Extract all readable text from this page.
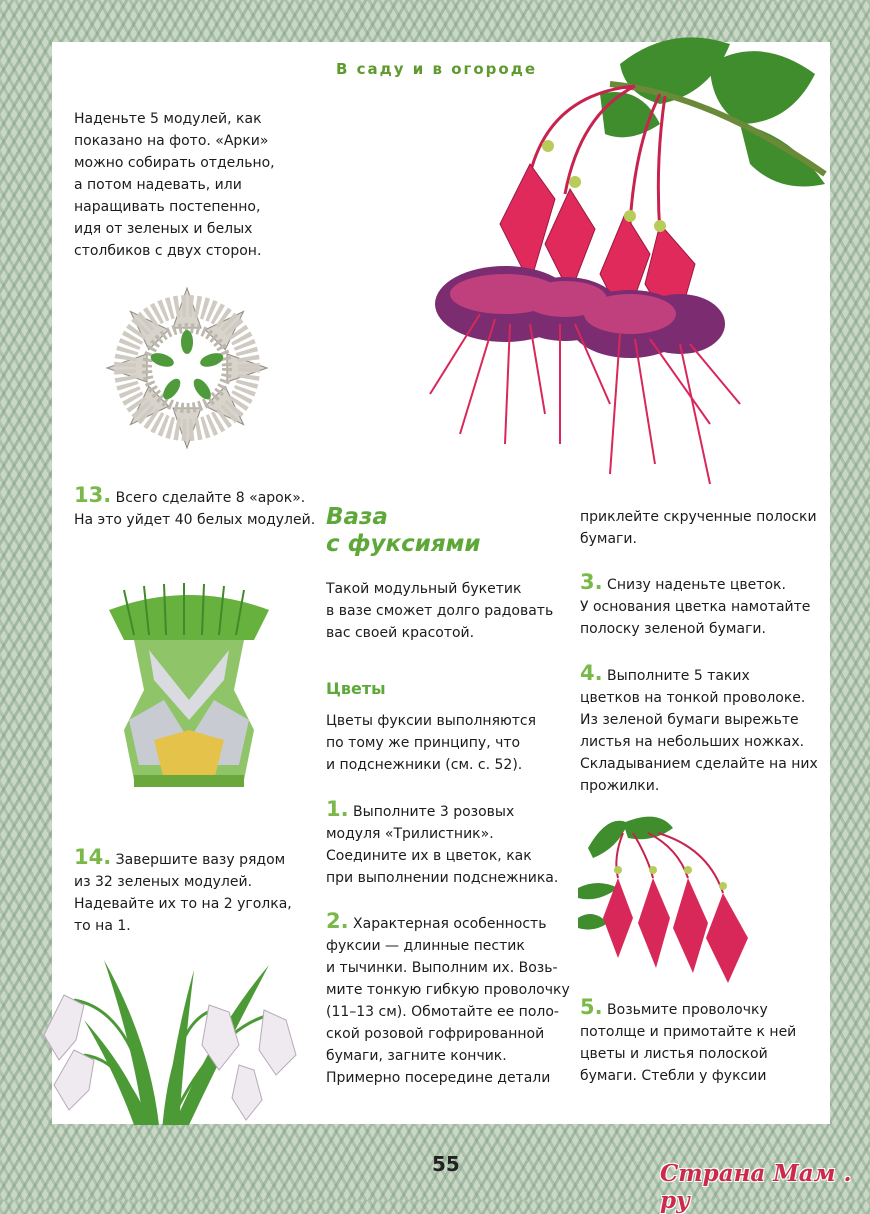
В саду и в огороде
Наденьте 5 модулей, как
показано на фото. «Арки»
можно собирать отдельно,
а потом надевать, или
наращивать постепенно,
идя от зеленых и белых
столбиков с двух сторон.
13. Всего сделайте 8 «арок».
На это уйдет 40 белых модулей.
14. Завершите вазу рядом
из 32 зеленых модулей.
Надевайте их то на 2 уголка,
то на 1.
Ваза
с фуксиями
Такой модульный букетик
в вазе сможет долго радовать
вас своей красотой.
Цветы
Цветы фуксии выполняются
по тому же принципу, что
и подснежники (см. с. 52).
1. Выполните 3 розовых
модуля «Трилистник».
Соедините их в цветок, как
при выполнении подснежника.
2. Характерная особенность
фуксии — длинные пестик
и тычинки. Выполним их. Возь-
мите тонкую гибкую проволочку
(11–13 см). Обмотайте ее поло-
ской розовой гофрированной
бумаги, загните кончик.
Примерно посередине детали
приклейте скрученные полоски
бумаги.
3. Снизу наденьте цветок.
У основания цветка намотайте
полоску зеленой бумаги.
4. Выполните 5 таких
цветков на тонкой проволоке.
Из зеленой бумаги вырежьте
листья на небольших ножках.
Складыванием сделайте на них
прожилки.
5. Возьмите проволочку
потолще и примотайте к ней
цветы и листья полоской
бумаги. Стебли у фуксии
55	Страна Мам . ру
